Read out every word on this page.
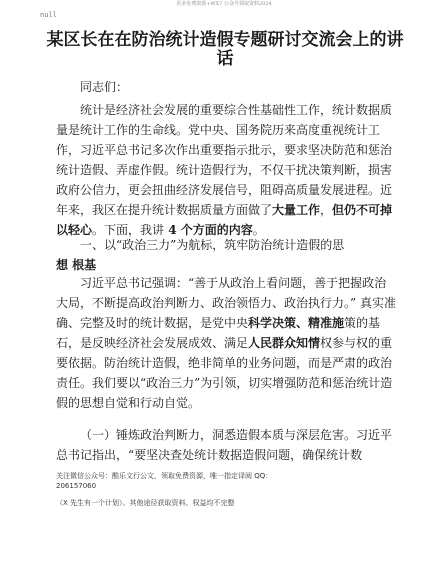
更多免费资源+WX7 公众号领取资料2024
null
某区长在在防治统计造假专题研讨交流会上的讲话
同志们：

统计是经济社会发展的重要综合性基础性工作，统计数据质量是统计工作的生命线。党中央、国务院历来高度重视统计工作，习近平总书记多次作出重要指示批示，要求坚决防范和惩治统计造假、弄虚作假。统计造假行为，不仅干扰决策判断，损害政府公信力，更会扭曲经济发展信号，阻碍高质量发展进程。近年来，我区在提升统计数据质量方面做了大量工作，但仍不可掉以轻心。下面，我讲 4 个方面的内容。

一、以“政治三力”为航标，筑牢防治统计造假的思
想 根基

习近平总书记强调：“善于从政治上看问题，善于把握政治大局，不断提高政治判断力、政治领悟力、政治执行力。” 真实准确、完整及时的统计数据，是党中央科学决策、精准施策的基石，是反映经济社会发展成效、满足人民群众知情权参与权的重要依据。防治统计造假，绝非简单的业务问题，而是严肃的政治责任。我们要以“政治三力”为引领，切实增强防范和惩治统计造假的思想自觉和行动自觉。

（一）锤炼政治判断力，洞悉造假本质与深层危害。习近平总书记指出，“要坚决查处统计数据造假问题，确保统计数

关注微信公众号：酷乐文行公文，领取免费资源，唯一指定译阅 QQ：
206157060
（X 先生有一个计划）。其他途径获取资料、权益均不完整
